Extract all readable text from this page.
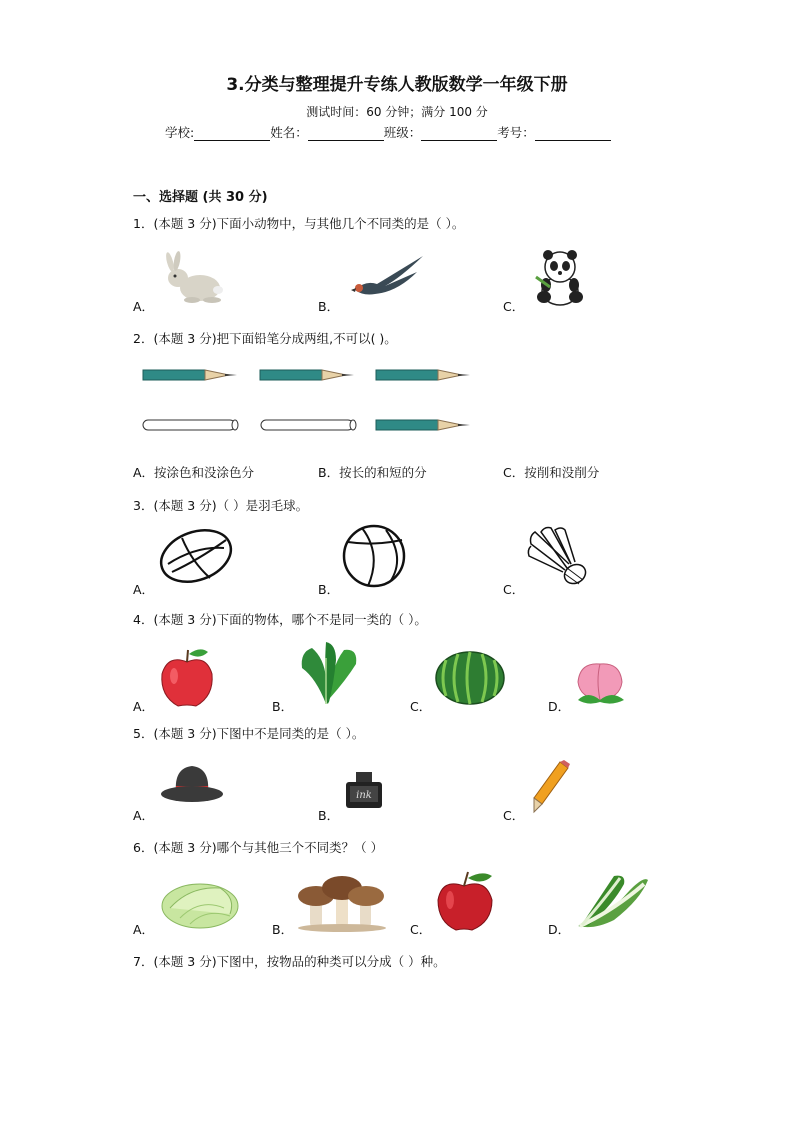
3.分类与整理提升专练人教版数学一年级下册
测试时间：60 分钟；满分 100 分
学校:	姓名：	班级：	考号：
一、选择题 (共 30 分)
1．(本题 3 分)下面小动物中，与其他几个不同类的是（ ）。
A．	B．	C．
2．(本题 3 分)把下面铅笔分成两组,不可以( )。
A．按涂色和没涂色分	B．按长的和短的分	C．按削和没削分
3．(本题 3 分)（ ）是羽毛球。
A．	B．	C．
4．(本题 3 分)下面的物体，哪个不是同一类的（ ）。
A．	B．	C．	D．
5．(本题 3 分)下图中不是同类的是（ ）。
ink
A．	B．	C．
6．(本题 3 分)哪个与其他三个不同类？（ ）
A．	B．	C．	D．
7．(本题 3 分)下图中，按物品的种类可以分成（ ）种。
